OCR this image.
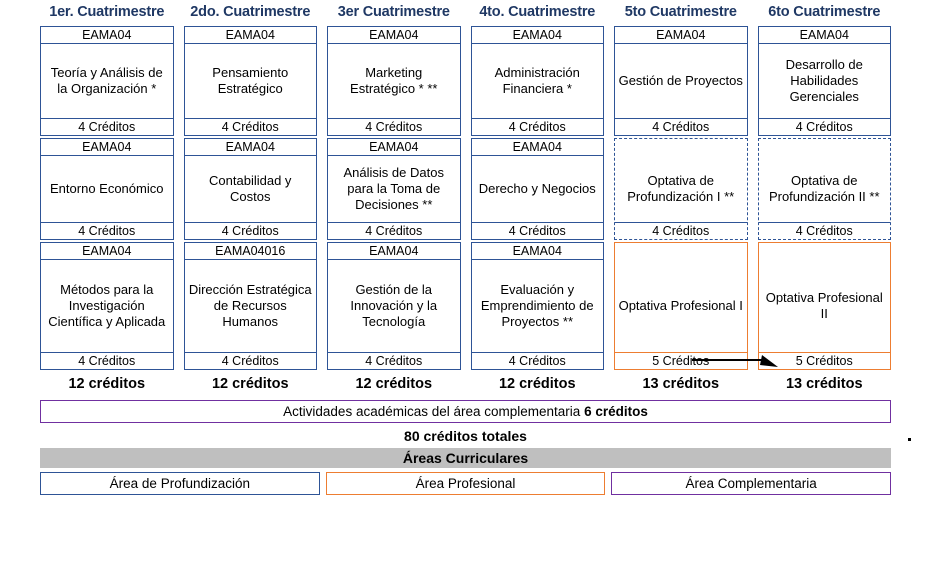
1er. Cuatrimestre	2do. Cuatrimestre	3er Cuatrimestre	4to. Cuatrimestre	5to Cuatrimestre	6to Cuatrimestre
EAMA04
Teoría y Análisis de la Organización *
4 Créditos
EAMA04
Pensamiento Estratégico
4 Créditos
EAMA04
Marketing Estratégico * **
4 Créditos
EAMA04
Administración Financiera *
4 Créditos
EAMA04
Gestión de Proyectos
4 Créditos
EAMA04
Desarrollo de Habilidades Gerenciales
4 Créditos
EAMA04
Entorno Económico
4 Créditos
EAMA04
Contabilidad y Costos
4 Créditos
EAMA04
Análisis de Datos para la Toma de Decisiones **
4 Créditos
EAMA04
Derecho y Negocios
4 Créditos
Optativa de Profundización I **
4 Créditos
Optativa de Profundización II **
4 Créditos
EAMA04
Métodos para la Investigación Científica y Aplicada
4 Créditos
EAMA04016
Dirección Estratégica de Recursos Humanos
4 Créditos
EAMA04
Gestión de la Innovación y la Tecnología
4 Créditos
EAMA04
Evaluación y Emprendimiento de Proyectos **
4 Créditos
Optativa Profesional I
5 Créditos
Optativa Profesional II
5 Créditos
12 créditos	12 créditos	12 créditos	12 créditos	13 créditos	13 créditos
Actividades académicas del área complementaria 6 créditos
80 créditos totales
Áreas Curriculares
Área de Profundización	Área Profesional	Área Complementaria
